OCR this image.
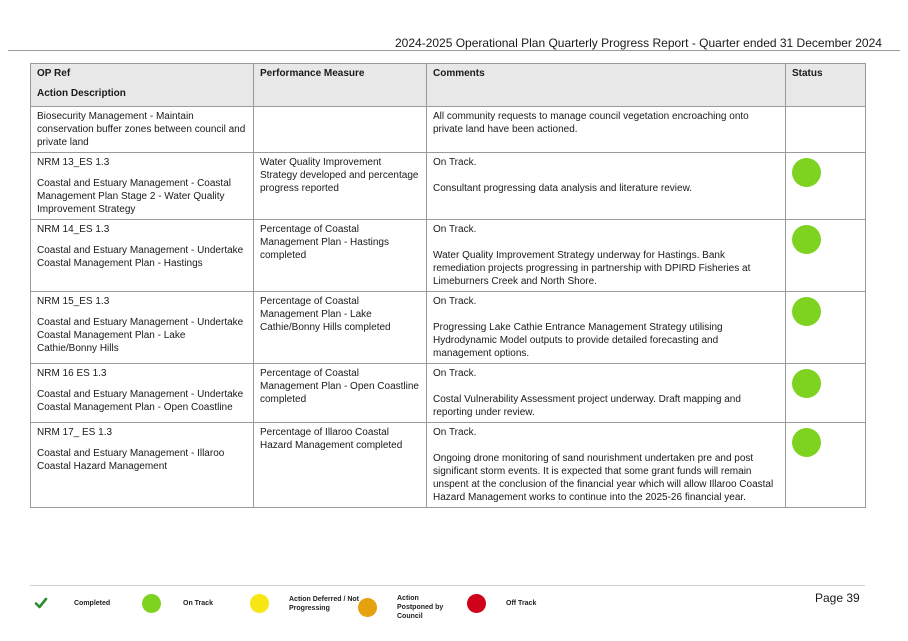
2024-2025 Operational Plan Quarterly Progress Report - Quarter ended 31 December 2024
OP Ref
Action Description	Performance Measure	Comments	Status
Biosecurity Management - Maintain conservation buffer zones between council and private land		All community requests to manage council vegetation encroaching onto private land have been actioned.	

NRM 13_ES 1.3
Coastal and Estuary Management - Coastal Management Plan Stage 2 - Water Quality Improvement Strategy	Water Quality Improvement Strategy developed and percentage progress reported	On Track.
Consultant progressing data analysis and literature review.	

NRM 14_ES 1.3
Coastal and Estuary Management - Undertake Coastal Management Plan - Hastings	Percentage of Coastal Management Plan - Hastings completed	On Track.
Water Quality Improvement Strategy underway for Hastings. Bank remediation projects progressing in partnership with DPIRD Fisheries at Limeburners Creek and North Shore.	

NRM 15_ES 1.3
Coastal and Estuary Management - Undertake Coastal Management Plan - Lake Cathie/Bonny Hills	Percentage of Coastal Management Plan - Lake Cathie/Bonny Hills completed	On Track.
Progressing Lake Cathie Entrance Management Strategy utilising Hydrodynamic Model outputs to provide detailed forecasting and management options.	

NRM 16 ES 1.3
Coastal and Estuary Management - Undertake Coastal Management Plan - Open Coastline	Percentage of Coastal Management Plan - Open Coastline completed	On Track.
Costal Vulnerability Assessment project underway. Draft mapping and reporting under review.	

NRM 17_ ES 1.3
Coastal and Estuary Management - Illaroo Coastal Hazard Management	Percentage of Illaroo Coastal Hazard Management completed	On Track.
Ongoing drone monitoring of sand nourishment undertaken pre and post significant storm events. It is expected that some grant funds will remain unspent at the conclusion of the financial year which will allow Illaroo Coastal Hazard Management works to continue into the 2025-26 financial year.	
Page 39
Completed	On Track
Action Deferred / Not Progressing
Action Postponed by Council
Off Track
